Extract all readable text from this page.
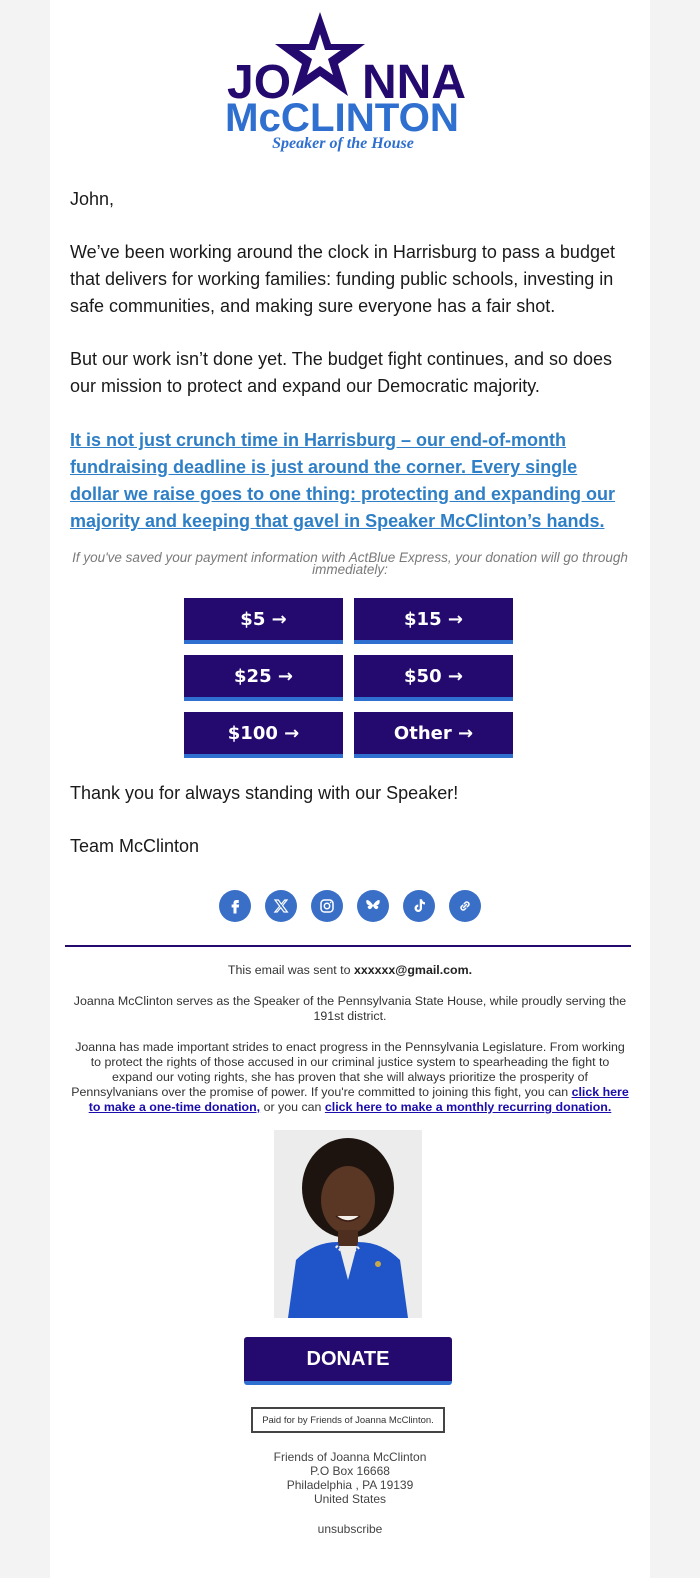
JO NNA
McCLINTON
Speaker of the House
John,
We’ve been working around the clock in Harrisburg to pass a budget that delivers for working families: funding public schools, investing in safe communities, and making sure everyone has a fair shot.
But our work isn’t done yet. The budget fight continues, and so does our mission to protect and expand our Democratic majority.
It is not just crunch time in Harrisburg – our end-of-month fundraising deadline is just around the corner. Every single dollar we raise goes to one thing: protecting and expanding our majority and keeping that gavel in Speaker McClinton’s hands.
If you've saved your payment information with ActBlue Express, your donation will go through immediately:
$5 →	$15 →
$25 →	$50 →
$100 →	Other →
Thank you for always standing with our Speaker!
Team McClinton
This email was sent to xxxxxx@gmail.com.
Joanna McClinton serves as the Speaker of the Pennsylvania State House, while proudly serving the 191st district.
Joanna has made important strides to enact progress in the Pennsylvania Legislature. From working to protect the rights of those accused in our criminal justice system to spearheading the fight to expand our voting rights, she has proven that she will always prioritize the prosperity of Pennsylvanians over the promise of power. If you're committed to joining this fight, you can click here to make a one-time donation, or you can click here to make a monthly recurring donation.
DONATE
Paid for by Friends of Joanna McClinton.
Friends of Joanna McClinton
P.O Box 16668
Philadelphia , PA 19139
United States
unsubscribe
